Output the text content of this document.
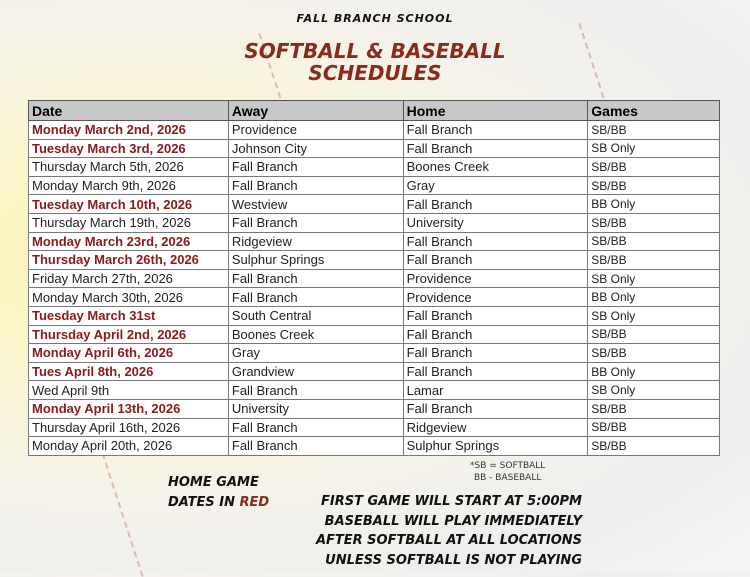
FALL BRANCH SCHOOL
SOFTBALL & BASEBALL
SCHEDULES
Date	Away	Home	Games
Monday March 2nd, 2026	Providence	Fall Branch	SB/BB
Tuesday March 3rd, 2026	Johnson City	Fall Branch	SB Only
Thursday March 5th, 2026	Fall Branch	Boones Creek	SB/BB
Monday March 9th, 2026	Fall Branch	Gray	SB/BB
Tuesday March 10th, 2026	Westview	Fall Branch	BB Only
Thursday March 19th, 2026	Fall Branch	University	SB/BB
Monday March 23rd, 2026	Ridgeview	Fall Branch	SB/BB
Thursday March 26th, 2026	Sulphur Springs	Fall Branch	SB/BB
Friday March 27th, 2026	Fall Branch	Providence	SB Only
Monday March 30th, 2026	Fall Branch	Providence	BB Only
Tuesday March 31st	South Central	Fall Branch	SB Only
Thursday April 2nd, 2026	Boones Creek	Fall Branch	SB/BB
Monday April 6th, 2026	Gray	Fall Branch	SB/BB
Tues April 8th, 2026	Grandview	Fall Branch	BB Only
Wed April 9th	Fall Branch	Lamar	SB Only
Monday April 13th, 2026	University	Fall Branch	SB/BB
Thursday April 16th, 2026	Fall Branch	Ridgeview	SB/BB
Monday April 20th, 2026	Fall Branch	Sulphur Springs	SB/BB
HOME GAME
DATES IN RED
*SB = SOFTBALL
BB - BASEBALL
FIRST GAME WILL START AT 5:00PM
BASEBALL WILL PLAY IMMEDIATELY
AFTER SOFTBALL AT ALL LOCATIONS
UNLESS SOFTBALL IS NOT PLAYING
